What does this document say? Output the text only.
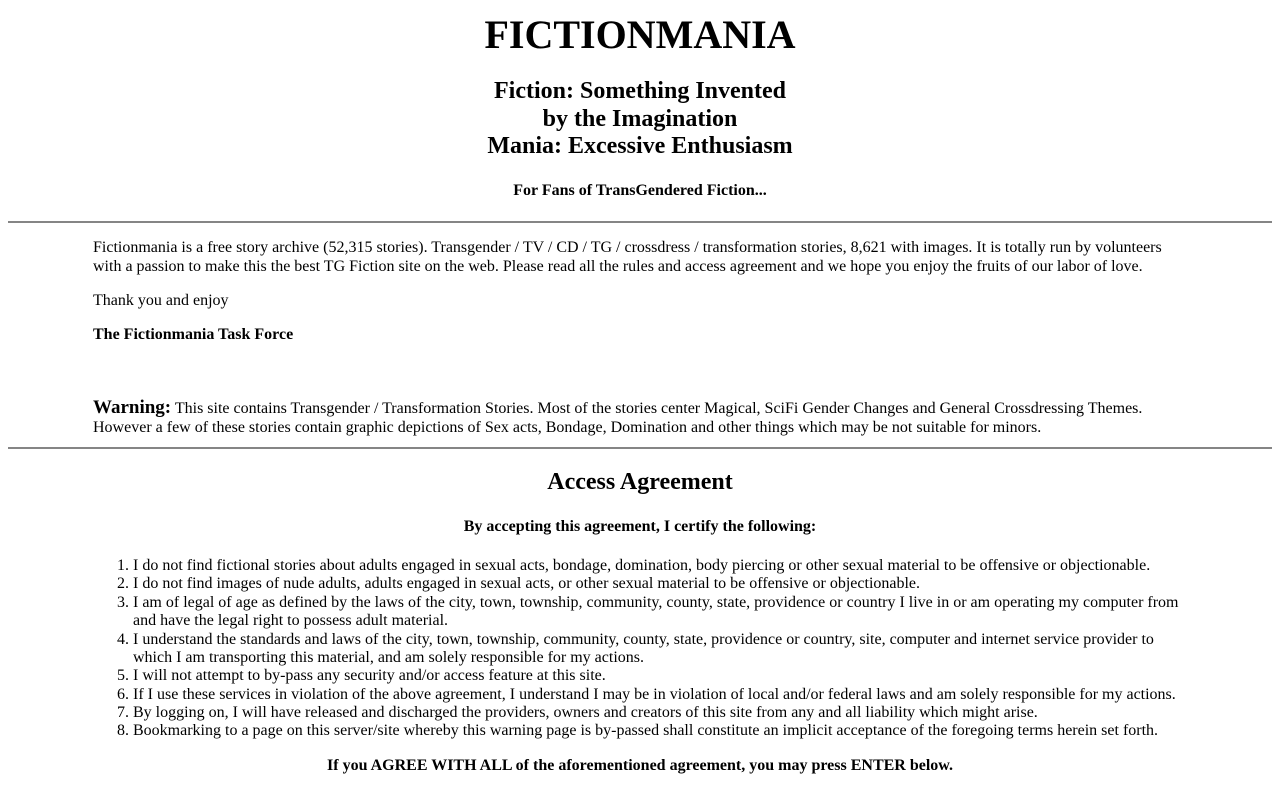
FICTIONMANIA
Fiction: Something Invented
by the Imagination
Mania: Excessive Enthusiasm
For Fans of TransGendered Fiction...

Fictionmania is a free story archive (52,315 stories). Transgender / TV / CD / TG / crossdress / transformation stories, 8,621 with images. It is totally run by volunteers with a passion to make this the best TG Fiction site on the web. Please read all the rules and access agreement and we hope you enjoy the fruits of our labor of love.

Thank you and enjoy

The Fictionmania Task Force

Warning: This site contains Transgender / Transformation Stories. Most of the stories center Magical, SciFi Gender Changes and General Crossdressing Themes. However a few of these stories contain graphic depictions of Sex acts, Bondage, Domination and other things which may be not suitable for minors.

Access Agreement
By accepting this agreement, I certify the following:
1. I do not find fictional stories about adults engaged in sexual acts, bondage, domination, body piercing or other sexual material to be offensive or objectionable.
2. I do not find images of nude adults, adults engaged in sexual acts, or other sexual material to be offensive or objectionable.
3. I am of legal of age as defined by the laws of the city, town, township, community, county, state, providence or country I live in or am operating my computer from and have the legal right to possess adult material.
4. I understand the standards and laws of the city, town, township, community, county, state, providence or country, site, computer and internet service provider to which I am transporting this material, and am solely responsible for my actions.
5. I will not attempt to by-pass any security and/or access feature at this site.
6. If I use these services in violation of the above agreement, I understand I may be in violation of local and/or federal laws and am solely responsible for my actions.
7. By logging on, I will have released and discharged the providers, owners and creators of this site from any and all liability which might arise.
8. Bookmarking to a page on this server/site whereby this warning page is by-passed shall constitute an implicit acceptance of the foregoing terms herein set forth.
If you AGREE WITH ALL of the aforementioned agreement, you may press ENTER below.
